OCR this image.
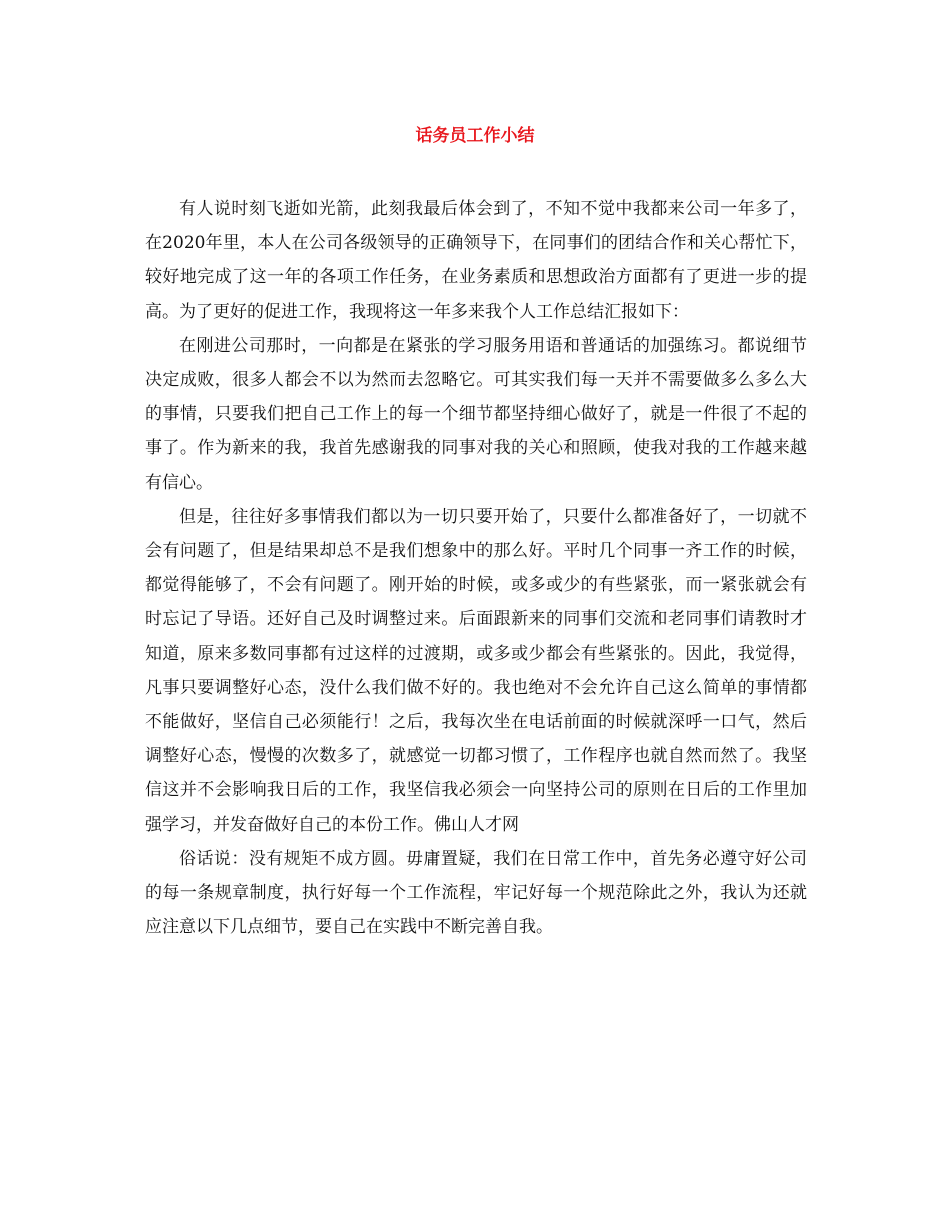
话务员工作小结

有人说时刻飞逝如光箭，此刻我最后体会到了，不知不觉中我都来公司一年多了，在2020年里，本人在公司各级领导的正确领导下，在同事们的团结合作和关心帮忙下，较好地完成了这一年的各项工作任务，在业务素质和思想政治方面都有了更进一步的提高。为了更好的促进工作，我现将这一年多来我个人工作总结汇报如下：

在刚进公司那时，一向都是在紧张的学习服务用语和普通话的加强练习。都说细节决定成败，很多人都会不以为然而去忽略它。可其实我们每一天并不需要做多么多么大的事情，只要我们把自己工作上的每一个细节都坚持细心做好了，就是一件很了不起的事了。作为新来的我，我首先感谢我的同事对我的关心和照顾，使我对我的工作越来越有信心。

但是，往往好多事情我们都以为一切只要开始了，只要什么都准备好了，一切就不会有问题了，但是结果却总不是我们想象中的那么好。平时几个同事一齐工作的时候，都觉得能够了，不会有问题了。刚开始的时候，或多或少的有些紧张，而一紧张就会有时忘记了导语。还好自己及时调整过来。后面跟新来的同事们交流和老同事们请教时才知道，原来多数同事都有过这样的过渡期，或多或少都会有些紧张的。因此，我觉得，凡事只要调整好心态，没什么我们做不好的。我也绝对不会允许自己这么简单的事情都不能做好，坚信自己必须能行！之后，我每次坐在电话前面的时候就深呼一口气，然后调整好心态，慢慢的次数多了，就感觉一切都习惯了，工作程序也就自然而然了。我坚信这并不会影响我日后的工作，我坚信我必须会一向坚持公司的原则在日后的工作里加强学习，并发奋做好自己的本份工作。佛山人才网

俗话说：没有规矩不成方圆。毋庸置疑，我们在日常工作中，首先务必遵守好公司的每一条规章制度，执行好每一个工作流程，牢记好每一个规范除此之外，我认为还就应注意以下几点细节，要自己在实践中不断完善自我。
